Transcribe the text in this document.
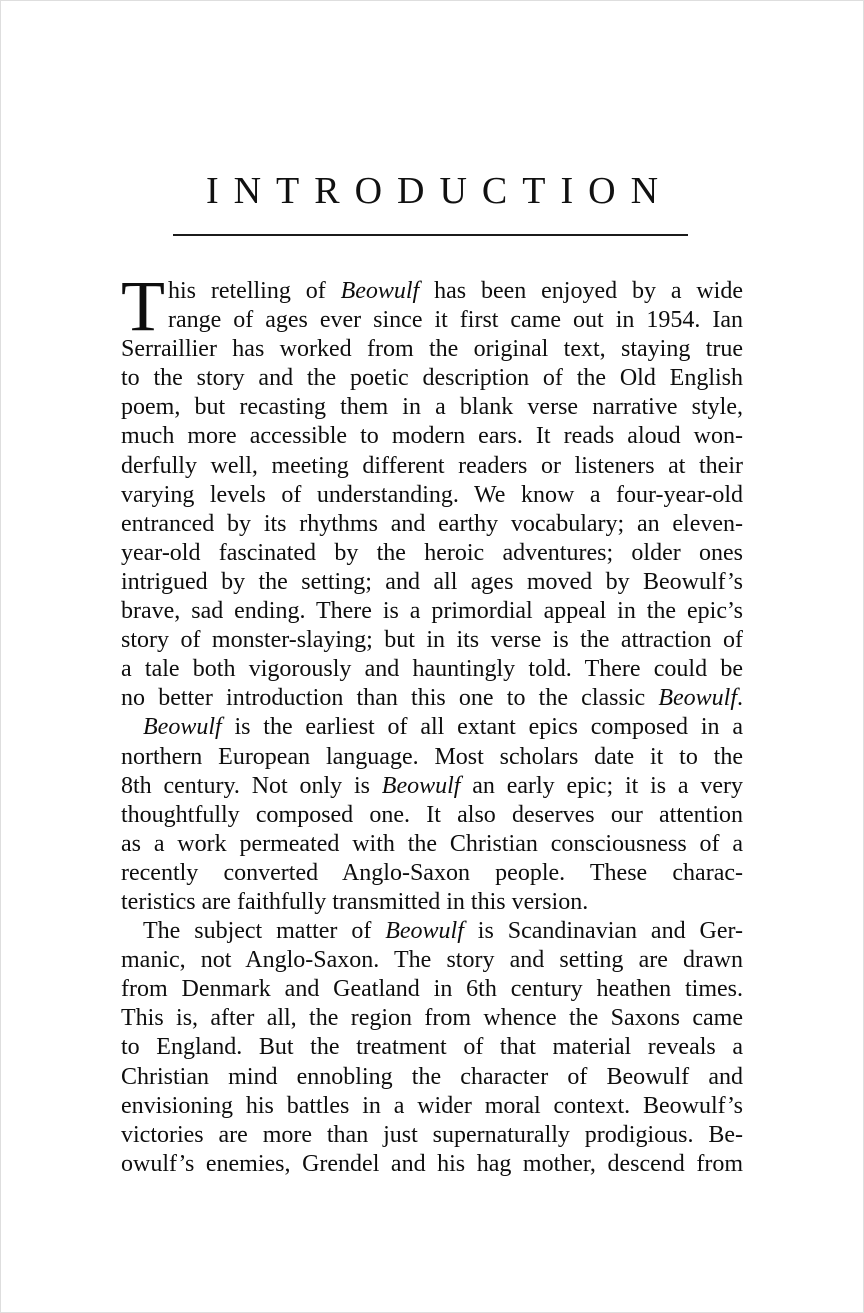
INTRODUCTION
T his retelling of Beowulf has been enjoyed by a wide
range of ages ever since it first came out in 1954. Ian
Serraillier has worked from the original text, staying true
to the story and the poetic description of the Old English
poem, but recasting them in a blank verse narrative style,
much more accessible to modern ears. It reads aloud won-
derfully well, meeting different readers or listeners at their
varying levels of understanding. We know a four-year-old
entranced by its rhythms and earthy vocabulary; an eleven-
year-old fascinated by the heroic adventures; older ones
intrigued by the setting; and all ages moved by Beowulf’s
brave, sad ending. There is a primordial appeal in the epic’s
story of monster-slaying; but in its verse is the attraction of
a tale both vigorously and hauntingly told. There could be
no better introduction than this one to the classic Beowulf.
Beowulf is the earliest of all extant epics composed in a
northern European language. Most scholars date it to the
8th century. Not only is Beowulf an early epic; it is a very
thoughtfully composed one. It also deserves our attention
as a work permeated with the Christian consciousness of a
recently converted Anglo-Saxon people. These charac-
teristics are faithfully transmitted in this version.
The subject matter of Beowulf is Scandinavian and Ger-
manic, not Anglo-Saxon. The story and setting are drawn
from Denmark and Geatland in 6th century heathen times.
This is, after all, the region from whence the Saxons came
to England. But the treatment of that material reveals a
Christian mind ennobling the character of Beowulf and
envisioning his battles in a wider moral context. Beowulf’s
victories are more than just supernaturally prodigious. Be-
owulf’s enemies, Grendel and his hag mother, descend from
